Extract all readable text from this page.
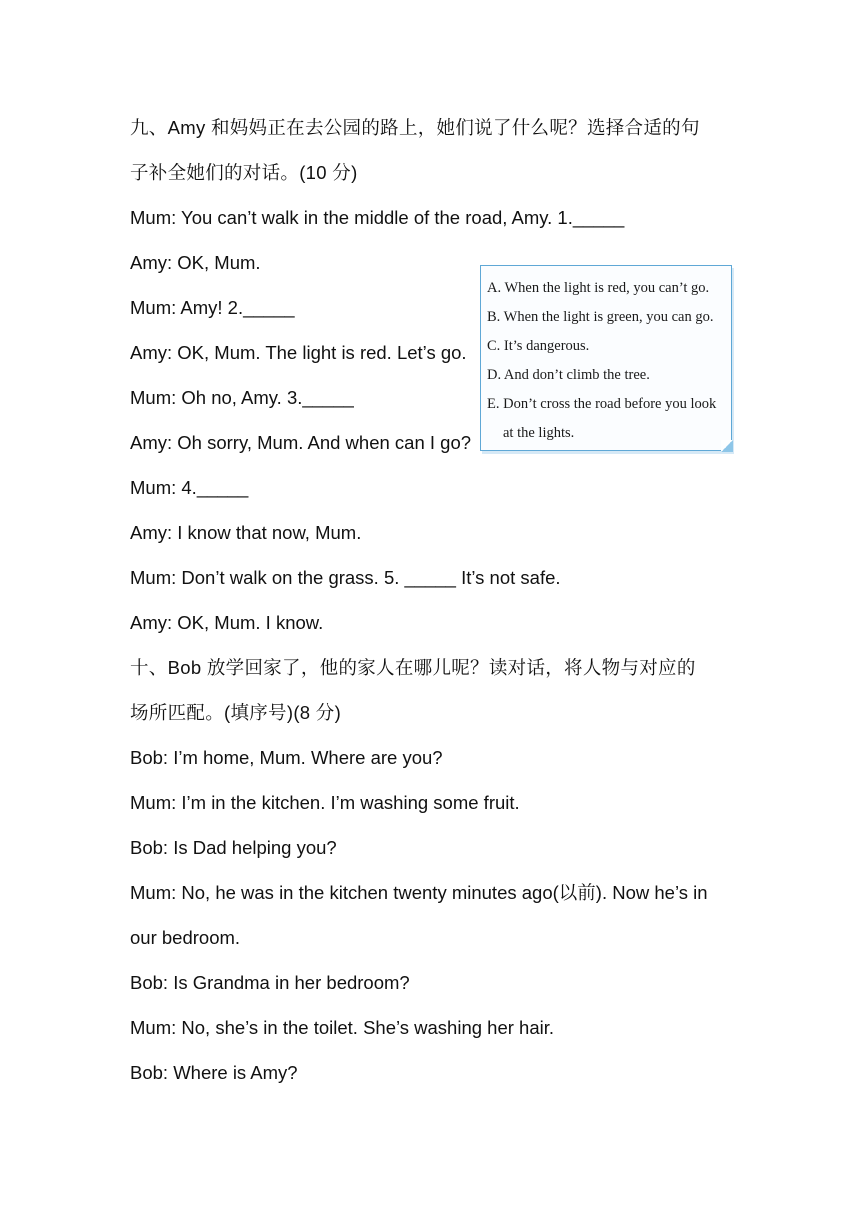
九、Amy 和妈妈正在去公园的路上，她们说了什么呢？选择合适的句
子补全她们的对话。(10 分)
Mum: You can’t walk in the middle of the road, Amy. 1._____
Amy: OK, Mum.
Mum: Amy! 2._____
Amy: OK, Mum. The light is red. Let’s go.
Mum: Oh no, Amy. 3._____
Amy: Oh sorry, Mum. And when can I go?
Mum: 4._____
Amy: I know that now, Mum.
Mum: Don’t walk on the grass. 5. _____ It’s not safe.
Amy: OK, Mum. I know.
A. When the light is red, you can’t go.
B. When the light is green, you can go.
C. It’s dangerous.
D. And don’t climb the tree.
E. Don’t cross the road before you look
at the lights.
十、Bob 放学回家了，他的家人在哪儿呢？读对话，将人物与对应的
场所匹配。(填序号)(8 分)
Bob: I’m home, Mum. Where are you?
Mum: I’m in the kitchen. I’m washing some fruit.
Bob: Is Dad helping you?
Mum: No, he was in the kitchen twenty minutes ago(以前). Now he’s in
our bedroom.
Bob: Is Grandma in her bedroom?
Mum: No, she’s in the toilet. She’s washing her hair.
Bob: Where is Amy?
